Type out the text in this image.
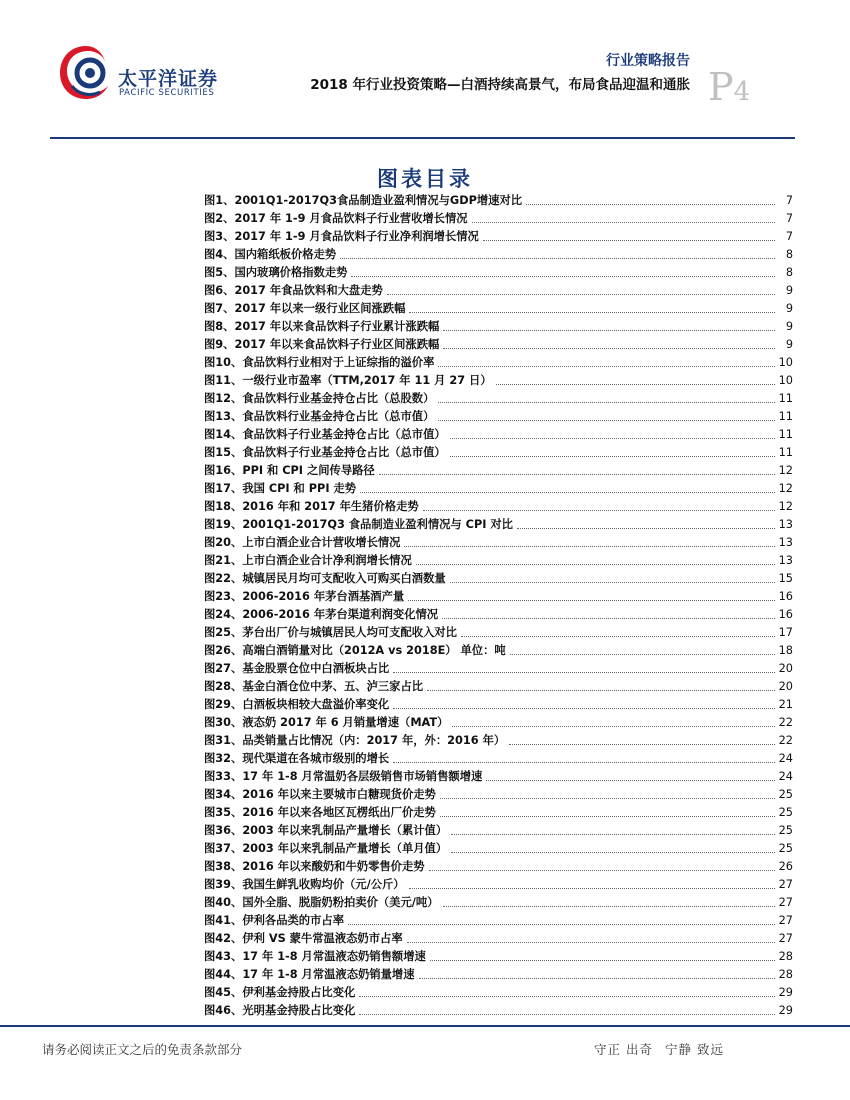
太平洋证券
PACIFIC SECURITIES
行业策略报告
2018 年行业投资策略—白酒持续高景气，布局食品迎温和通胀 P4
图表目录
图1、2001Q1-2017Q3食品制造业盈利情况与GDP增速对比	7
图2、2017 年 1-9 月食品饮料子行业营收增长情况	7
图3、2017 年 1-9 月食品饮料子行业净利润增长情况	7
图4、国内箱纸板价格走势	8
图5、国内玻璃价格指数走势	8
图6、2017 年食品饮料和大盘走势	9
图7、2017 年以来一级行业区间涨跌幅	9
图8、2017 年以来食品饮料子行业累计涨跌幅	9
图9、2017 年以来食品饮料子行业区间涨跌幅	9
图10、食品饮料行业相对于上证综指的溢价率	10
图11、一级行业市盈率（TTM,2017 年 11 月 27 日）	10
图12、食品饮料行业基金持仓占比（总股数）	11
图13、食品饮料行业基金持仓占比（总市值）	11
图14、食品饮料子行业基金持仓占比（总市值）	11
图15、食品饮料子行业基金持仓占比（总市值）	11
图16、PPI 和 CPI 之间传导路径	12
图17、我国 CPI 和 PPI 走势	12
图18、2016 年和 2017 年生猪价格走势	12
图19、2001Q1-2017Q3 食品制造业盈利情况与 CPI 对比	13
图20、上市白酒企业合计营收增长情况	13
图21、上市白酒企业合计净利润增长情况	13
图22、城镇居民月均可支配收入可购买白酒数量	15
图23、2006-2016 年茅台酒基酒产量	16
图24、2006-2016 年茅台渠道利润变化情况	16
图25、茅台出厂价与城镇居民人均可支配收入对比	17
图26、高端白酒销量对比（2012A vs 2018E） 单位：吨	18
图27、基金股票仓位中白酒板块占比	20
图28、基金白酒仓位中茅、五、泸三家占比	20
图29、白酒板块相较大盘溢价率变化	21
图30、液态奶 2017 年 6 月销量增速（MAT）	22
图31、品类销量占比情况（内：2017 年，外：2016 年）	22
图32、现代渠道在各城市级别的增长	24
图33、17 年 1-8 月常温奶各层级销售市场销售额增速	24
图34、2016 年以来主要城市白糖现货价走势	25
图35、2016 年以来各地区瓦楞纸出厂价走势	25
图36、2003 年以来乳制品产量增长（累计值）	25
图37、2003 年以来乳制品产量增长（单月值）	25
图38、2016 年以来酸奶和牛奶零售价走势	26
图39、我国生鲜乳收购均价（元/公斤）	27
图40、国外全脂、脱脂奶粉拍卖价（美元/吨）	27
图41、伊利各品类的市占率	27
图42、伊利 VS 蒙牛常温液态奶市占率	27
图43、17 年 1-8 月常温液态奶销售额增速	28
图44、17 年 1-8 月常温液态奶销量增速	28
图45、伊利基金持股占比变化	29
图46、光明基金持股占比变化	29
请务必阅读正文之后的免责条款部分	守正 出奇 宁静 致远
